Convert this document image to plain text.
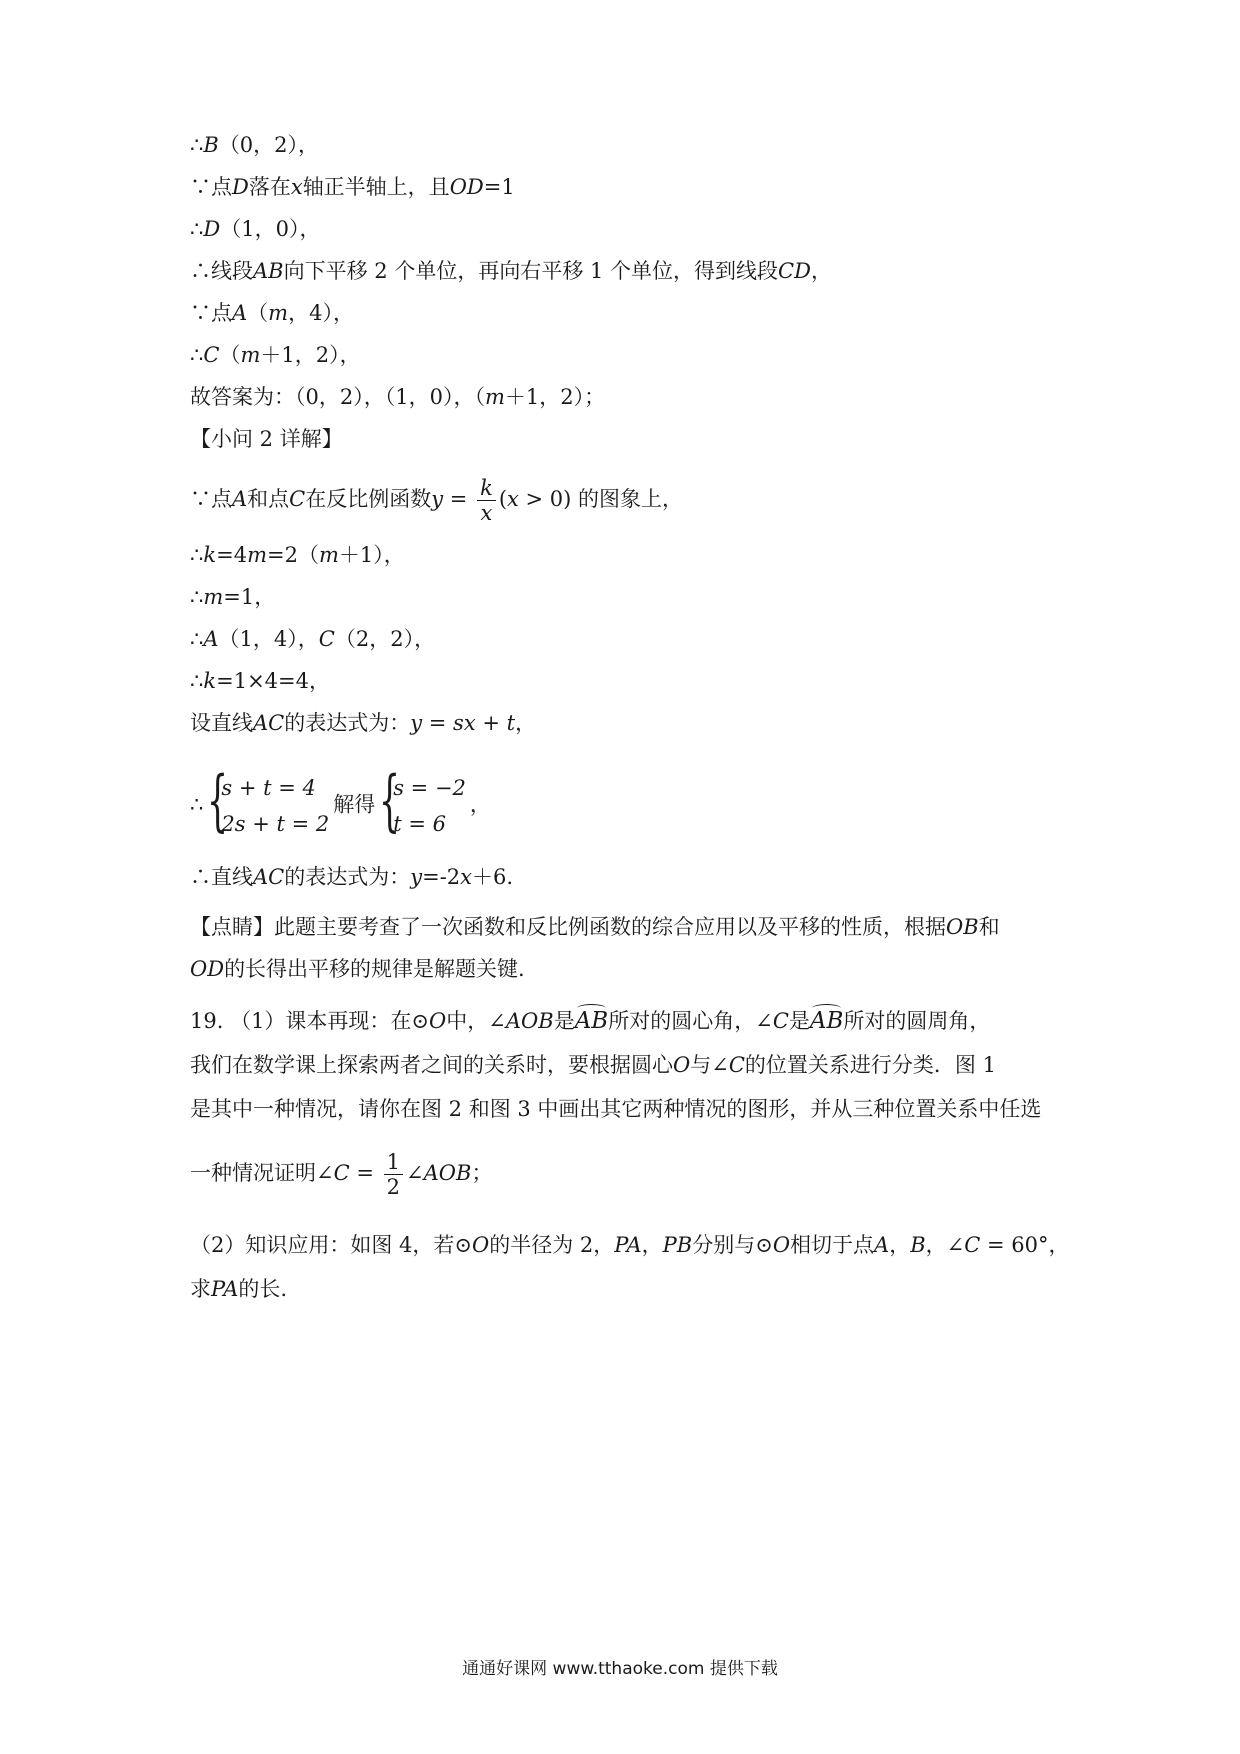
∴B（0，2），
∵点D落在x轴正半轴上，且OD=1
∴D（1，0），
∴线段AB向下平移 2 个单位，再向右平移 1 个单位，得到线段CD，
∵点A（m，4），
∴C（m＋1，2），
故答案为：（0，2），（1，0），（m＋1，2）；
【小问 2 详解】
∵点A和点C在反比例函数$y = \frac{k}{x} (x > 0)$ 的图象上，
∴k=4m=2（m＋1），
∴m=1，
∴A（1，4），C（2，2），
∴k=1×4=4，
设直线AC的表达式为：y = sx + t，
∴ {
s + t = 4
2s + t = 2
解得 {
s = −2
t = 6
，
∴直线AC的表达式为：y=-2x＋6.
【点睛】此题主要考查了一次函数和反比例函数的综合应用以及平移的性质，根据OB和
OD的长得出平移的规律是解题关键.
19. （1）课本再现：在⊙O中，∠AOB是AB所对的圆心角，∠C是AB所对的圆周角，
我们在数学课上探索两者之间的关系时，要根据圆心O与∠C的位置关系进行分类．图 1
是其中一种情况，请你在图 2 和图 3 中画出其它两种情况的图形，并从三种位置关系中任选
一种情况证明∠C = $\frac{1}{2}$ ∠AOB；
（2）知识应用：如图 4，若⊙O的半径为 2，PA，PB分别与⊙O相切于点A，B，∠C = 60°，
求PA的长.
通通好课网 www.tthaoke.com 提供下载
